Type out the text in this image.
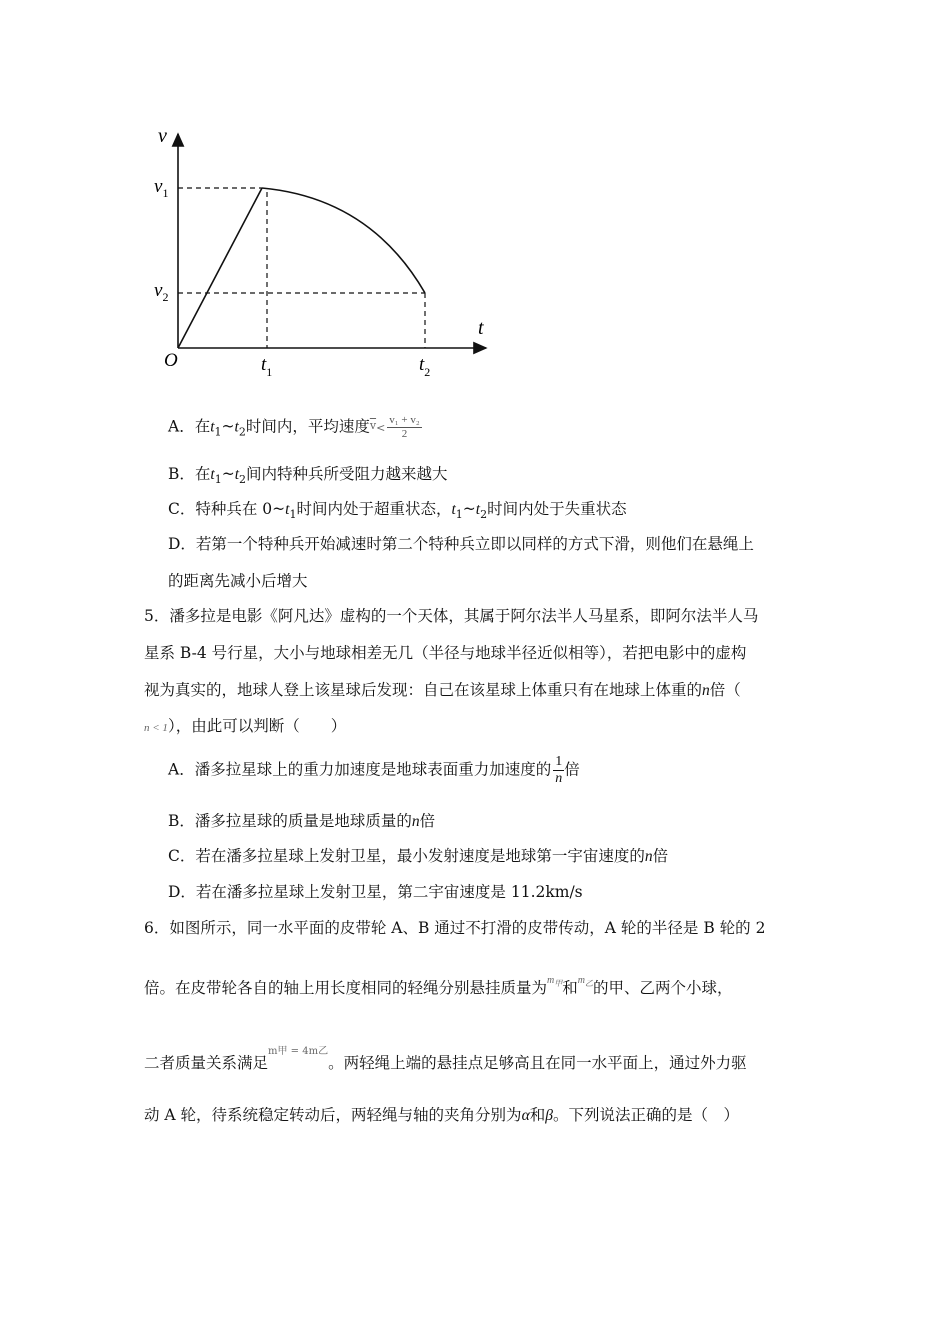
v
t
O
$v_1$
$v_2$
$t_1$	$t_2$
A．在$t_1\sim t_2$时间内，平均速度$\overline{v}< \frac{\text{v₁ + v₂}}{2}$
B．在$t_1\sim t_2$间内特种兵所受阻力越来越大
C．特种兵在 $0\sim t_1$时间内处于超重状态，$t_1\sim t_2$时间内处于失重状态
D．若第一个特种兵开始减速时第二个特种兵立即以同样的方式下滑，则他们在悬绳上
的距离先减小后增大
5．潘多拉是电影《阿凡达》虚构的一个天体，其属于阿尔法半人马星系，即阿尔法半人马
星系 B-4 号行星，大小与地球相差无几（半径与地球半径近似相等），若把电影中的虚构
视为真实的，地球人登上该星球后发现：自己在该星球上体重只有在地球上体重的n倍（
n < 1），由此可以判断（　　）
A．潘多拉星球上的重力加速度是地球表面重力加速度的 $\frac{1}{n}$ 倍
B．潘多拉星球的质量是地球质量的n倍
C．若在潘多拉星球上发射卫星，最小发射速度是地球第一宇宙速度的n倍
D．若在潘多拉星球上发射卫星，第二宇宙速度是 11.2km/s
6．如图所示，同一水平面的皮带轮 A、B 通过不打滑的皮带传动，A 轮的半径是 B 轮的 2
倍。在皮带轮各自的轴上用长度相同的轻绳分别悬挂质量为$^{m_甲}$和$^{m_乙}$的甲、乙两个小球，
二者质量关系满足$^{m甲 = 4m乙}$。两轻绳上端的悬挂点足够高且在同一水平面上，通过外力驱
动 A 轮，待系统稳定转动后，两轻绳与轴的夹角分别为α和β。下列说法正确的是（　）
